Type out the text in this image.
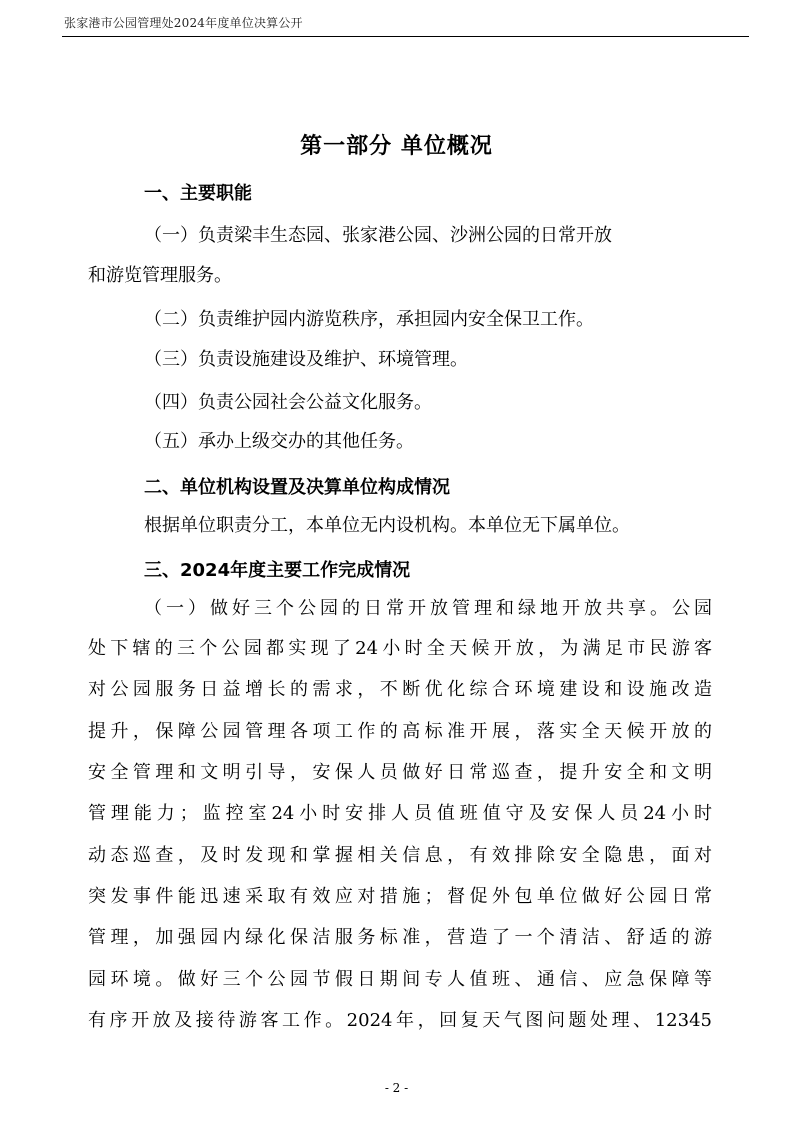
张家港市公园管理处2024年度单位决算公开
第一部分 单位概况
一、主要职能
（一）负责梁丰生态园、张家港公园、沙洲公园的日常开放
和游览管理服务。
（二）负责维护园内游览秩序，承担园内安全保卫工作。
（三）负责设施建设及维护、环境管理。
（四）负责公园社会公益文化服务。
（五）承办上级交办的其他任务。
二、单位机构设置及决算单位构成情况
根据单位职责分工，本单位无内设机构。本单位无下属单位。
三、2024年度主要工作完成情况
（一）做好三个公园的日常开放管理和绿地开放共享。公园
处下辖的三个公园都实现了24小时全天候开放，为满足市民游客
对公园服务日益增长的需求，不断优化综合环境建设和设施改造
提升，保障公园管理各项工作的高标准开展，落实全天候开放的
安全管理和文明引导，安保人员做好日常巡查，提升安全和文明
管理能力；监控室24小时安排人员值班值守及安保人员24小时
动态巡查，及时发现和掌握相关信息，有效排除安全隐患，面对
突发事件能迅速采取有效应对措施；督促外包单位做好公园日常
管理，加强园内绿化保洁服务标准，营造了一个清洁、舒适的游
园环境。做好三个公园节假日期间专人值班、通信、应急保障等
有序开放及接待游客工作。2024年，回复天气图问题处理、12345
- 2 -
